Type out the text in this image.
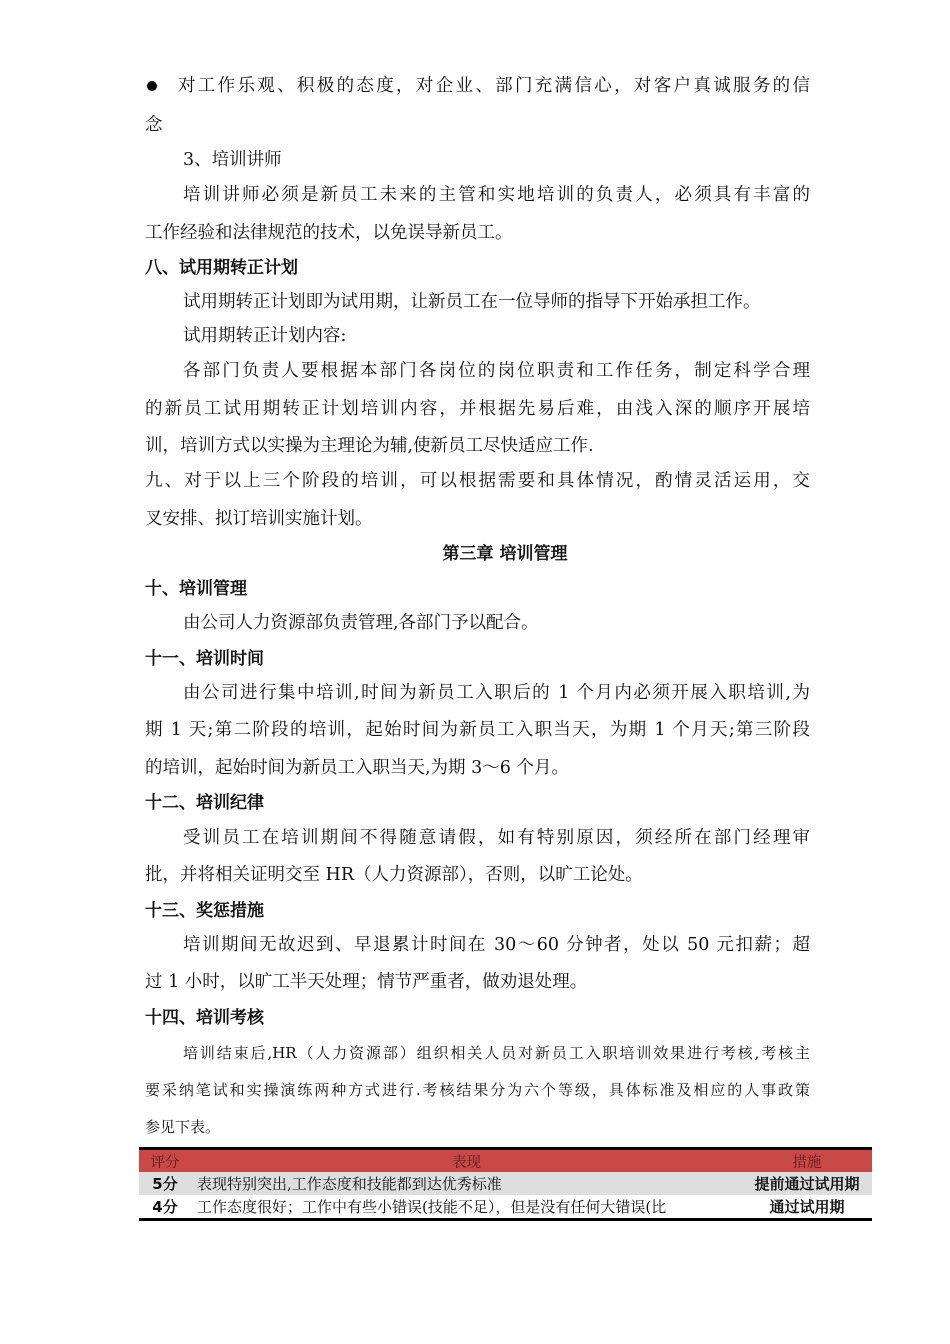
对工作乐观、积极的态度，对企业、部门充满信心，对客户真诚服务的信
念
3、培训讲师
培训讲师必须是新员工未来的主管和实地培训的负责人，必须具有丰富的
工作经验和法律规范的技术，以免误导新员工。
八、试用期转正计划
试用期转正计划即为试用期，让新员工在一位导师的指导下开始承担工作。
试用期转正计划内容:
各部门负责人要根据本部门各岗位的岗位职责和工作任务，制定科学合理
的新员工试用期转正计划培训内容，并根据先易后难，由浅入深的顺序开展培
训，培训方式以实操为主理论为辅,使新员工尽快适应工作.
九、对于以上三个阶段的培训，可以根据需要和具体情况，酌情灵活运用，交
叉安排、拟订培训实施计划。
第三章 培训管理
十、培训管理
由公司人力资源部负责管理,各部门予以配合。
十一、培训时间
由公司进行集中培训,时间为新员工入职后的 1 个月内必须开展入职培训,为
期 1 天;第二阶段的培训，起始时间为新员工入职当天，为期 1 个月天;第三阶段
的培训，起始时间为新员工入职当天,为期 3～6 个月。
十二、培训纪律
受训员工在培训期间不得随意请假，如有特别原因，须经所在部门经理审
批，并将相关证明交至 HR（人力资源部），否则，以旷工论处。
十三、奖惩措施
培训期间无故迟到、早退累计时间在 30～60 分钟者，处以 50 元扣薪；超
过 1 小时，以旷工半天处理；情节严重者，做劝退处理。
十四、培训考核
培训结束后,HR（人力资源部）组织相关人员对新员工入职培训效果进行考核,考核主
要采纳笔试和实操演练两种方式进行.考核结果分为六个等级，具体标准及相应的人事政策
参见下表。
评分	表现	措施
5分	表现特别突出,工作态度和技能都到达优秀标准	提前通过试用期
4分	工作态度很好；工作中有些小错误(技能不足），但是没有任何大错误(比	通过试用期
